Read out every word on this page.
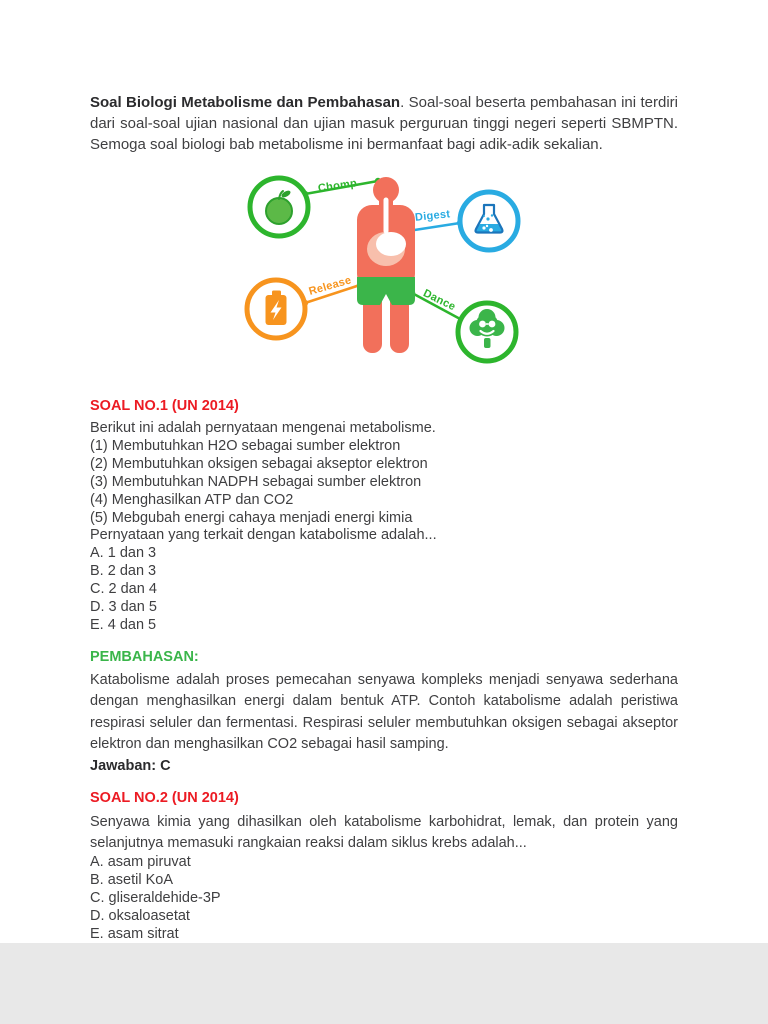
Soal Biologi Metabolisme dan Pembahasan. Soal-soal beserta pembahasan ini terdiri dari soal-soal ujian nasional dan ujian masuk perguruan tinggi negeri seperti SBMPTN. Semoga soal biologi bab metabolisme ini bermanfaat bagi adik-adik sekalian.

Chomp
Digest
Release
Dance
SOAL NO.1 (UN 2014)
Berikut ini adalah pernyataan mengenai metabolisme.
(1) Membutuhkan H2O sebagai sumber elektron
(2) Membutuhkan oksigen sebagai akseptor elektron
(3) Membutuhkan NADPH sebagai sumber elektron
(4) Menghasilkan ATP dan CO2
(5) Mebgubah energi cahaya menjadi energi kimia
Pernyataan yang terkait dengan katabolisme adalah...
A. 1 dan 3
B. 2 dan 3
C. 2 dan 4
D. 3 dan 5
E. 4 dan 5
PEMBAHASAN:

Katabolisme adalah proses pemecahan senyawa kompleks menjadi senyawa sederhana dengan menghasilkan energi dalam bentuk ATP. Contoh katabolisme adalah peristiwa respirasi seluler dan fermentasi. Respirasi seluler membutuhkan oksigen sebagai akseptor elektron dan menghasilkan CO2 sebagai hasil samping.

Jawaban: C
SOAL NO.2 (UN 2014)

Senyawa kimia yang dihasilkan oleh katabolisme karbohidrat, lemak, dan protein yang selanjutnya memasuki rangkaian reaksi dalam siklus krebs adalah...

A. asam piruvat
B. asetil KoA
C. gliseraldehide-3P
D. oksaloasetat
E. asam sitrat
